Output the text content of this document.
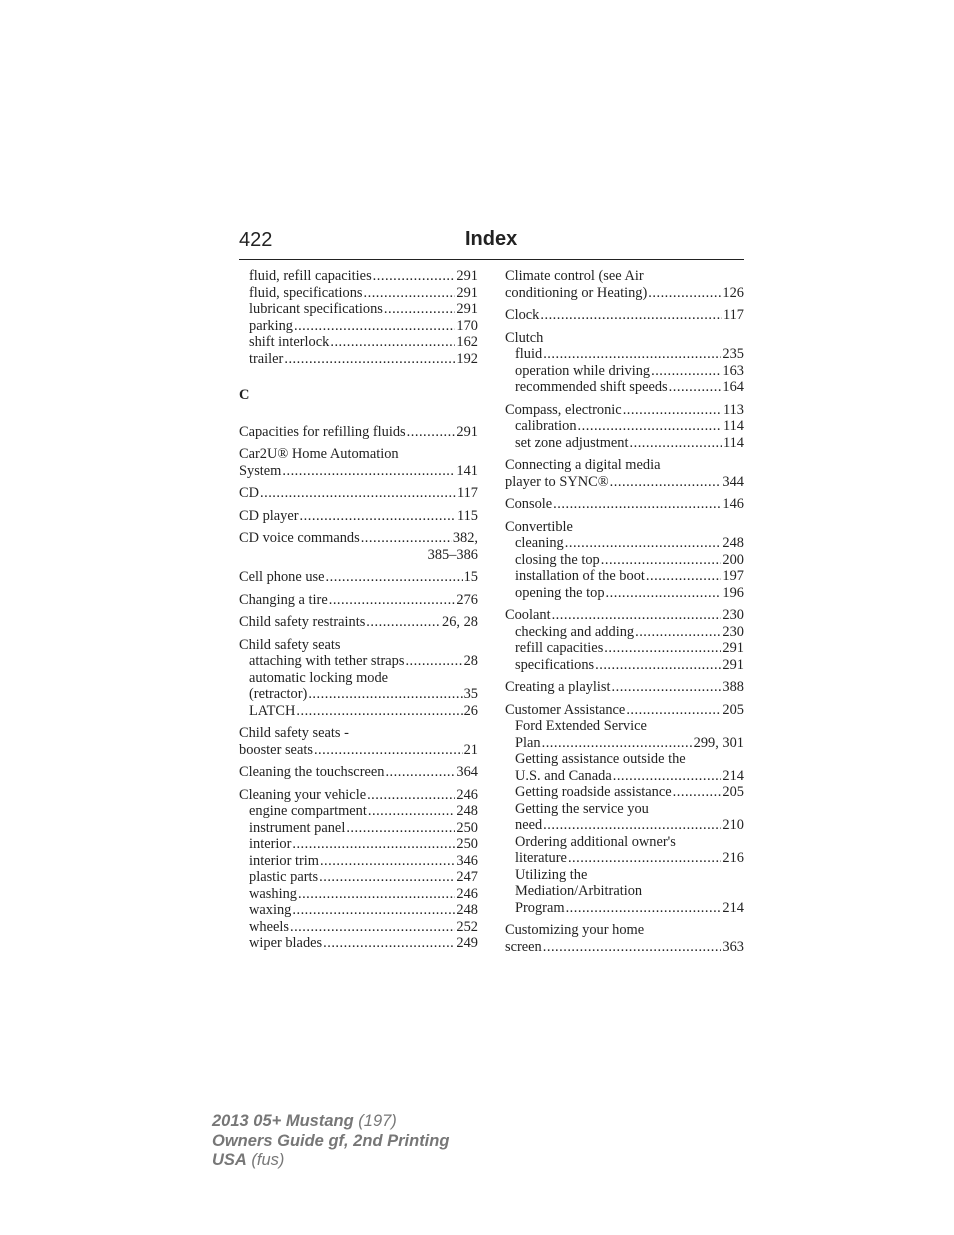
422	Index
fluid, refill capacities .....	291
fluid, specifications .....	291
lubricant specifications .....	291
parking .....	170
shift interlock .....	162
trailer .....	192
C
Capacities for refilling fluids .....	291
Car2U® Home Automation
System .....	141
CD .....	117
CD player .....	115
CD voice commands .....	382,
385–386
Cell phone use .....	15
Changing a tire .....	276
Child safety restraints .....	26, 28
Child safety seats
attaching with tether straps .....	28
automatic locking mode
(retractor) .....	35
LATCH .....	26
Child safety seats -
booster seats .....	21
Cleaning the touchscreen .....	364
Cleaning your vehicle .....	246
engine compartment .....	248
instrument panel .....	250
interior .....	250
interior trim .....	346
plastic parts .....	247
washing .....	246
waxing .....	248
wheels .....	252
wiper blades .....	249
Climate control (see Air
conditioning or Heating) .....	126
Clock .....	117
Clutch
fluid .....	235
operation while driving .....	163
recommended shift speeds .....	164
Compass, electronic .....	113
calibration .....	114
set zone adjustment .....	114
Connecting a digital media
player to SYNC® .....	344
Console .....	146
Convertible
cleaning .....	248
closing the top .....	200
installation of the boot .....	197
opening the top .....	196
Coolant .....	230
checking and adding .....	230
refill capacities .....	291
specifications .....	291
Creating a playlist .....	388
Customer Assistance .....	205
Ford Extended Service
Plan .....	299, 301
Getting assistance outside the
U.S. and Canada .....	214
Getting roadside assistance .....	205
Getting the service you
need .....	210
Ordering additional owner's
literature .....	216
Utilizing the
Mediation/Arbitration
Program .....	214
Customizing your home
screen .....	363
2013 05+ Mustang (197)
Owners Guide gf, 2nd Printing
USA (fus)
